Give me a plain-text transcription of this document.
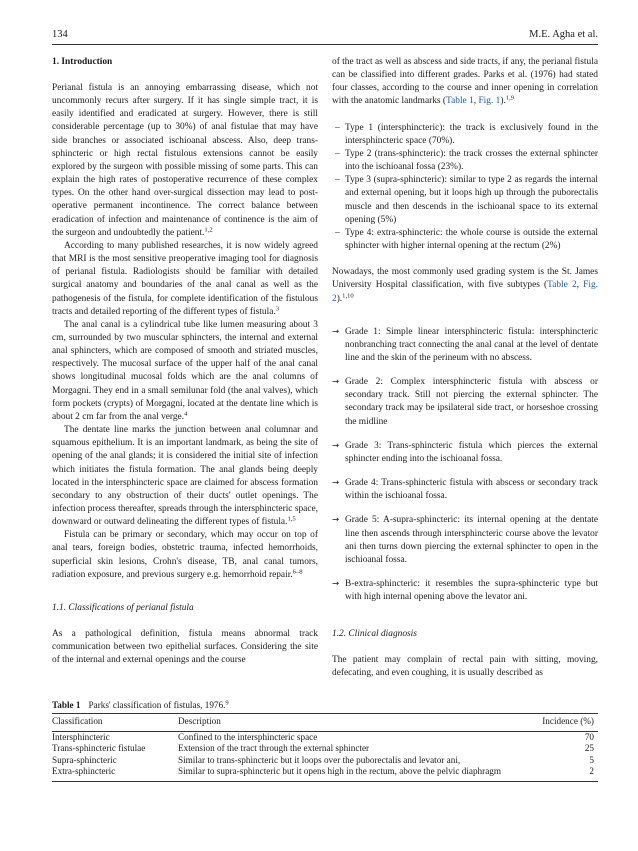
134	M.E. Agha et al.
1. Introduction

Perianal fistula is an annoying embarrassing disease, which not uncommonly recurs after surgery. If it has single simple tract, it is easily identified and eradicated at surgery. However, there is still considerable percentage (up to 30%) of anal fistulae that may have side branches or associated ischioanal abscess. Also, deep trans-sphincteric or high rectal fistulous extensions cannot be easily explored by the surgeon with possible missing of some parts. This can explain the high rates of postoperative recurrence of these complex types. On the other hand over-surgical dissection may lead to post-operative permanent incontinence. The correct balance between eradication of infection and maintenance of continence is the aim of the surgeon and undoubtedly the patient.$^{1,2}$

According to many published researches, it is now widely agreed that MRI is the most sensitive preoperative imaging tool for diagnosis of perianal fistula. Radiologists should be familiar with detailed surgical anatomy and boundaries of the anal canal as well as the pathogenesis of the fistula, for complete identification of the fistulous tracts and detailed reporting of the different types of fistula.$^3$

The anal canal is a cylindrical tube like lumen measuring about 3 cm, surrounded by two muscular sphincters, the internal and external anal sphincters, which are composed of smooth and striated muscles, respectively. The mucosal surface of the upper half of the anal canal shows longitudinal mucosal folds which are the anal columns of Morgagni. They end in a small semilunar fold (the anal valves), which form pockets (crypts) of Morgagni, located at the dentate line which is about 2 cm far from the anal verge.$^4$

The dentate line marks the junction between anal columnar and squamous epithelium. It is an important landmark, as being the site of opening of the anal glands; it is considered the initial site of infection which initiates the fistula formation. The anal glands being deeply located in the intersphincteric space are claimed for abscess formation secondary to any obstruction of their ducts' outlet openings. The infection process thereafter, spreads through the intersphincteric space, downward or outward delineating the different types of fistula.$^{1,5}$

Fistula can be primary or secondary, which may occur on top of anal tears, foreign bodies, obstetric trauma, infected hemorrhoids, superficial skin lesions, Crohn's disease, TB, anal canal tumors, radiation exposure, and previous surgery e.g. hemorrhoid repair.$^{6-8}$

1.1. Classifications of perianal fistula

As a pathological definition, fistula means abnormal track communication between two epithelial surfaces. Considering the site of the internal and external openings and the course

of the tract as well as abscess and side tracts, if any, the perianal fistula can be classified into different grades. Parks et al. (1976) had stated four classes, according to the course and inner opening in correlation with the anatomic landmarks (Table 1, Fig. 1).$^{1,9}$

– Type 1 (intersphincteric): the track is exclusively found in the intersphincteric space (70%).
– Type 2 (trans-sphincteric): the track crosses the external sphincter into the ischioanal fossa (23%).
– Type 3 (supra-sphincteric): similar to type 2 as regards the internal and external opening, but it loops high up through the puborectalis muscle and then descends in the ischioanal space to its external opening (5%)
– Type 4: extra-sphincteric: the whole course is outside the external sphincter with higher internal opening at the rectum (2%)

Nowadays, the most commonly used grading system is the St. James University Hospital classification, with five subtypes (Table 2, Fig. 2).$^{1,10}$

→ Grade 1: Simple linear intersphincteric fistula: intersphincteric nonbranching tract connecting the anal canal at the level of dentate line and the skin of the perineum with no abscess.
→ Grade 2: Complex intersphincteric fistula with abscess or secondary track. Still not piercing the external sphincter. The secondary track may be ipsilateral side tract, or horseshoe crossing the midline
→ Grade 3: Trans-sphincteric fistula which pierces the external sphincter ending into the ischioanal fossa.
→ Grade 4: Trans-sphincteric fistula with abscess or secondary track within the ischioanal fossa.
→ Grade 5: A-supra-sphincteric: its internal opening at the dentate line then ascends through intersphincteric course above the levator ani then turns down piercing the external sphincter to open in the ischioanal fossa.
→ B-extra-sphincteric: it resembles the supra-sphincteric type but with high internal opening above the levator ani.
1.2. Clinical diagnosis

The patient may complain of rectal pain with sitting, moving, defecating, and even coughing, it is usually described as

Table 1 Parks' classification of fistulas, 1976.$^9$
Classification	Description	Incidence (%)

Intersphincteric	Confined to the intersphincteric space	70
Trans-sphincteric fistulae	Extension of the tract through the external sphincter	25
Supra-sphincteric	Similar to trans-sphincteric but it loops over the puborectalis and levator ani,	5
Extra-sphincteric	Similar to supra-sphincteric but it opens high in the rectum, above the pelvic diaphragm	2
